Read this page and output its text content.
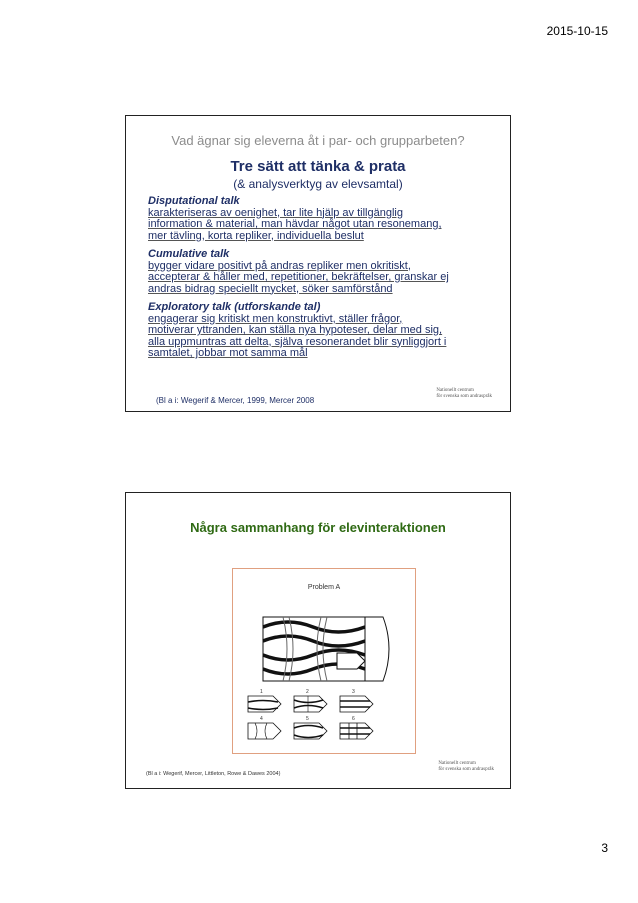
2015-10-15
Vad ägnar sig eleverna åt i par- och grupparbeten?
Tre sätt att tänka & prata
(& analysverktyg av elevsamtal)
Disputational talk
karakteriseras av oenighet, tar lite hjälp av tillgänglig
information & material, man hävdar något utan resonemang,
mer tävling, korta repliker, individuella beslut
Cumulative talk
bygger vidare positivt på andras repliker men okritiskt,
accepterar & håller med, repetitioner, bekräftelser, granskar ej
andras bidrag speciellt mycket, söker samförstånd
Exploratory talk (utforskande tal)
engagerar sig kritiskt men konstruktivt, ställer frågor,
motiverar yttranden, kan ställa nya hypoteser, delar med sig,
alla uppmuntras att delta, själva resonerandet blir synliggjort i
samtalet, jobbar mot samma mål
Nationellt centrum
för svenska som andraspråk
(Bl a i: Wegerif & Mercer, 1999, Mercer 2008
Några sammanhang för elevinteraktionen
1	2	3
4	5	6
Problem A
(Bl a i: Wegerif, Mercer, Littleton, Rowe & Dawes 2004)
Nationellt centrum
för svenska som andraspråk
3
